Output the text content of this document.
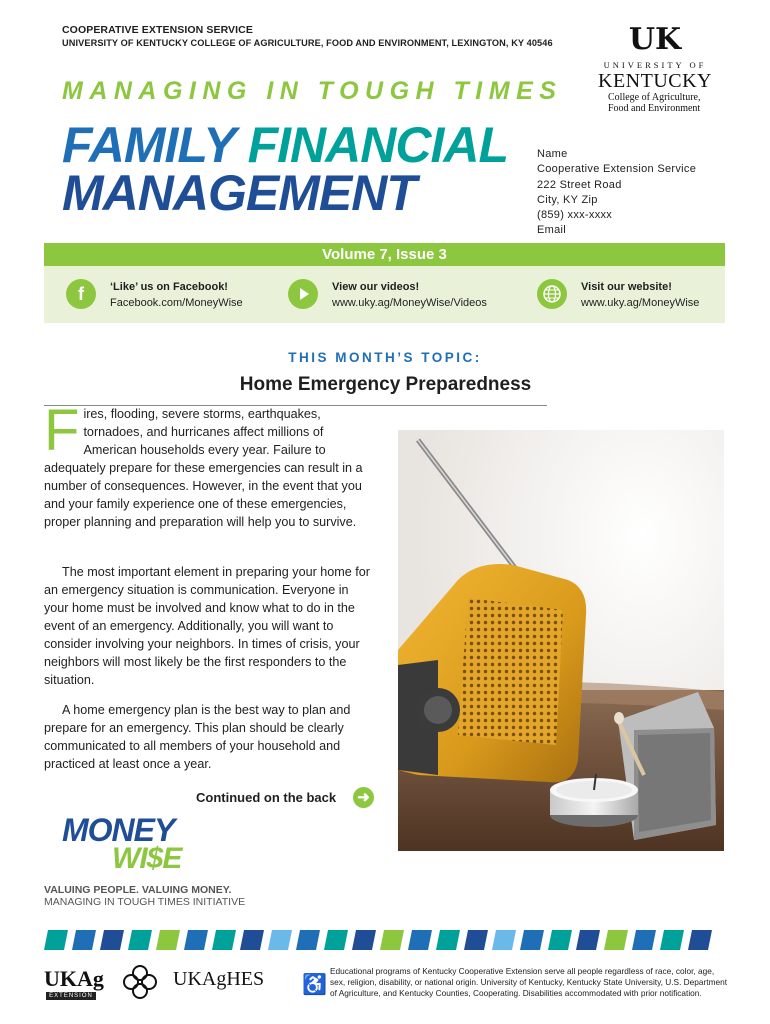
COOPERATIVE EXTENSION SERVICE
UNIVERSITY OF KENTUCKY COLLEGE OF AGRICULTURE, FOOD AND ENVIRONMENT, LEXINGTON, KY 40546
MANAGING IN TOUGH TIMES
FAMILY FINANCIAL
MANAGEMENT
UK
UNIVERSITY OF
KENTUCKY
College of Agriculture,
Food and Environment
Name
Cooperative Extension Service
222 Street Road
City, KY Zip
(859) xxx-xxxx
Email
Volume 7, Issue 3
f	‘Like’ us on Facebook!
Facebook.com/MoneyWise
View our videos!
www.uky.ag/MoneyWise/Videos
Visit our website!
www.uky.ag/MoneyWise
THIS MONTH’S TOPIC:
Home Emergency Preparedness
F ires, flooding, severe storms, earthquakes, tornadoes, and hurricanes affect millions of American households every year. Failure to adequately prepare for these emergencies can result in a number of consequences. However, in the event that you and your family experience one of these emergencies, proper planning and preparation will help you to survive.
The most important element in preparing your home for an emergency situation is communication. Everyone in your home must be involved and know what to do in the event of an emergency. Additionally, you will want to consider involving your neighbors. In times of crisis, your neighbors will most likely be the first responders to the situation.
A home emergency plan is the best way to plan and prepare for an emergency. This plan should be clearly communicated to all members of your household and practiced at least once a year.
Continued on the back ➜
MONEY
WI$E
VALUING PEOPLE. VALUING MONEY.
MANAGING IN TOUGH TIMES INITIATIVE
UKAg
EXTENSION
UKAgHES ♿
Educational programs of Kentucky Cooperative Extension serve all people regardless of race, color, age, sex, religion, disability, or national origin. University of Kentucky, Kentucky State University, U.S. Department of Agriculture, and Kentucky Counties, Cooperating. Disabilities accommodated with prior notification.
